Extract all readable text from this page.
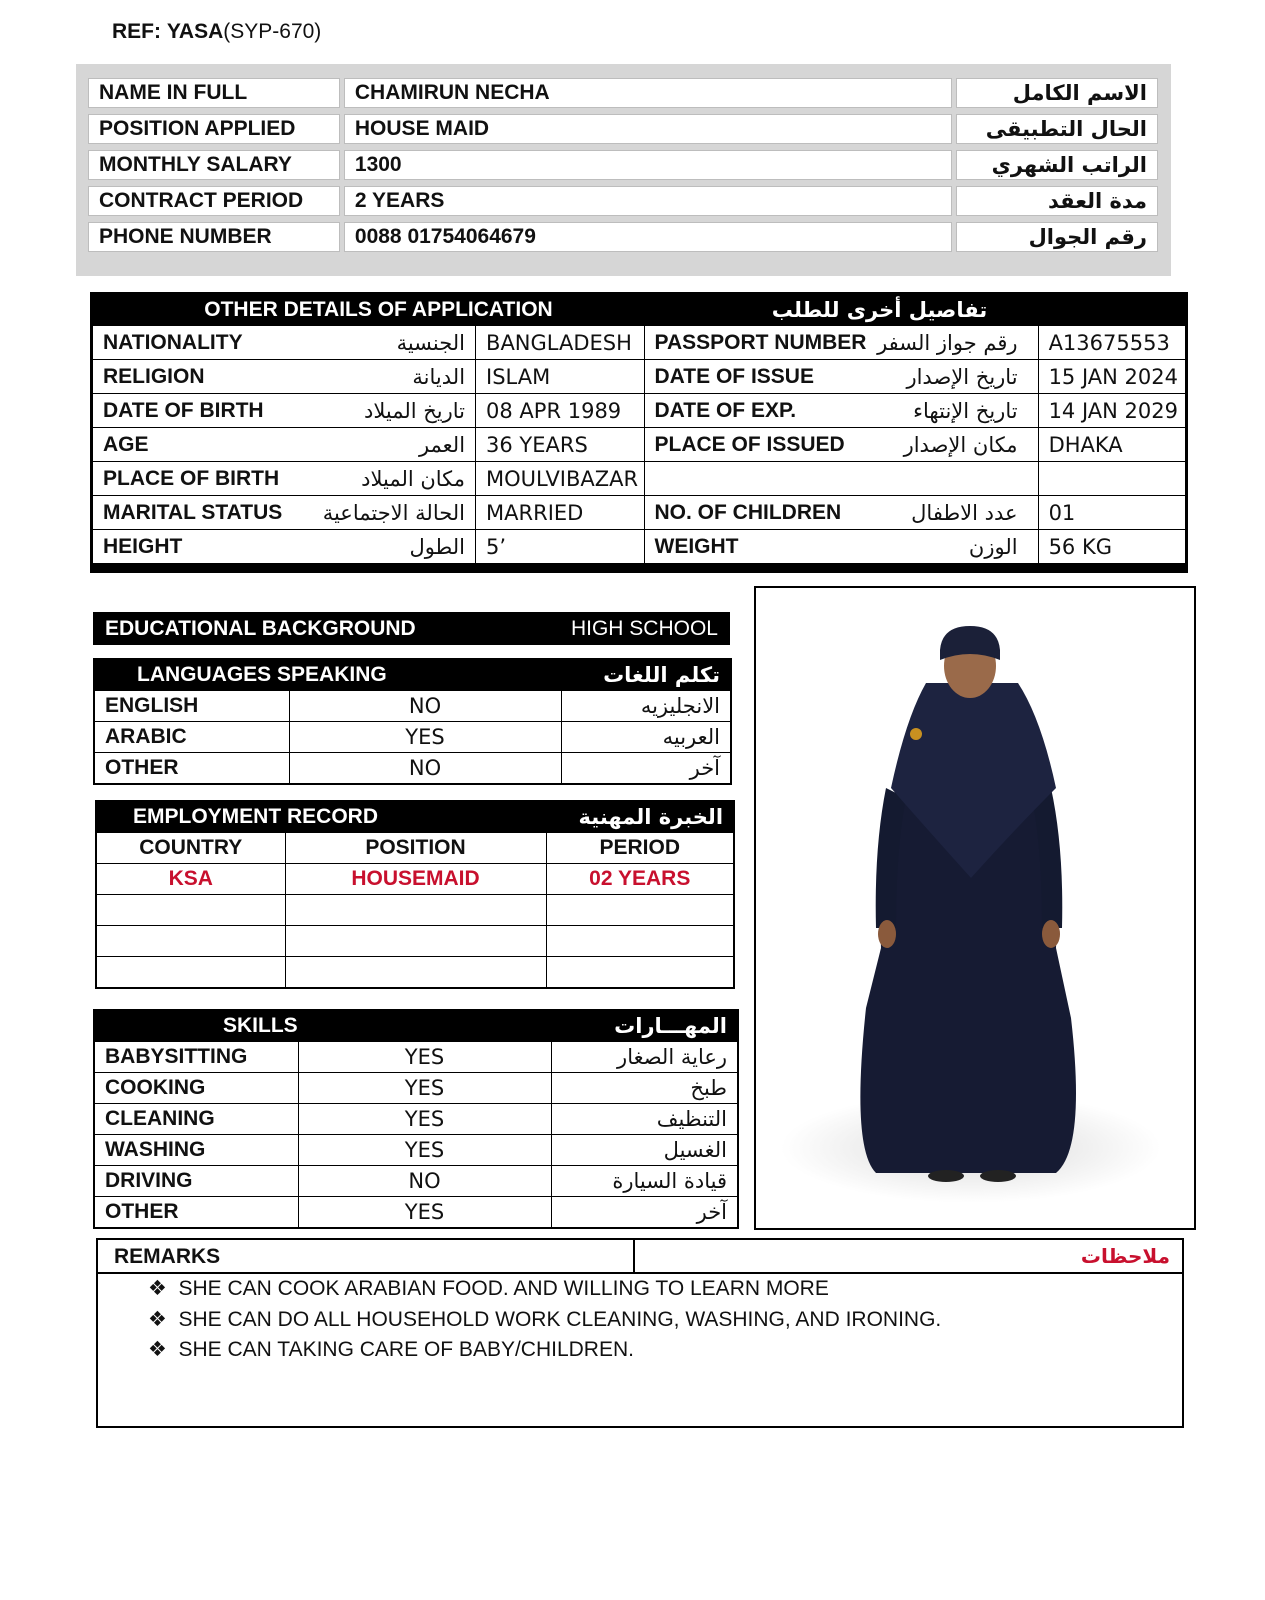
REF: YASA(SYP-670)
NAME IN FULL	CHAMIRUN NECHA	الاسم الكامل
POSITION APPLIED	HOUSE MAID	الحال التطبيقى
MONTHLY SALARY	1300	الراتب الشهري
CONTRACT PERIOD	2 YEARS	مدة العقد
PHONE NUMBER	0088 01754064679	رقم الجوال
OTHER DETAILS OF APPLICATION		تفاصيل أخرى للطلب	

NATIONALITY الجنسية	BANGLADESH	PASSPORT NUMBER رقم جواز السفر	A13675553

RELIGION الديانة	ISLAM	DATE OF ISSUE تاريخ الإصدار	15 JAN 2024

DATE OF BIRTH تاريخ الميلاد	08 APR 1989	DATE OF EXP. تاريخ الإنتهاء	14 JAN 2029

AGE العمر	36 YEARS	PLACE OF ISSUED مكان الإصدار	DHAKA

PLACE OF BIRTH مكان الميلاد	MOULVIBAZAR	

MARITAL STATUS الحالة الاجتماعية	MARRIED	NO. OF CHILDREN عدد الاطفال	01

HEIGHT الطول	5’	WEIGHT الوزن	56 KG

EDUCATIONAL BACKGROUND	HIGH SCHOOL
LANGUAGES SPEAKING		تكلم اللغات
ENGLISH	NO	الانجليزيه
ARABIC	YES	العربيه
OTHER	NO	آخر
EMPLOYMENT RECORD		الخبرة المهنية
COUNTRY	POSITION	PERIOD
KSA	HOUSEMAID	02 YEARS

SKILLS		المهـــارات
BABYSITTING	YES	رعاية الصغار
COOKING	YES	طبخ
CLEANING	YES	التنظيف
WASHING	YES	الغسيل
DRIVING	NO	قيادة السيارة
OTHER	YES	آخر
REMARKS	ملاحظات
❖ SHE CAN COOK ARABIAN FOOD. AND WILLING TO LEARN MORE
❖ SHE CAN DO ALL HOUSEHOLD WORK CLEANING, WASHING, AND IRONING.
❖ SHE CAN TAKING CARE OF BABY/CHILDREN.
